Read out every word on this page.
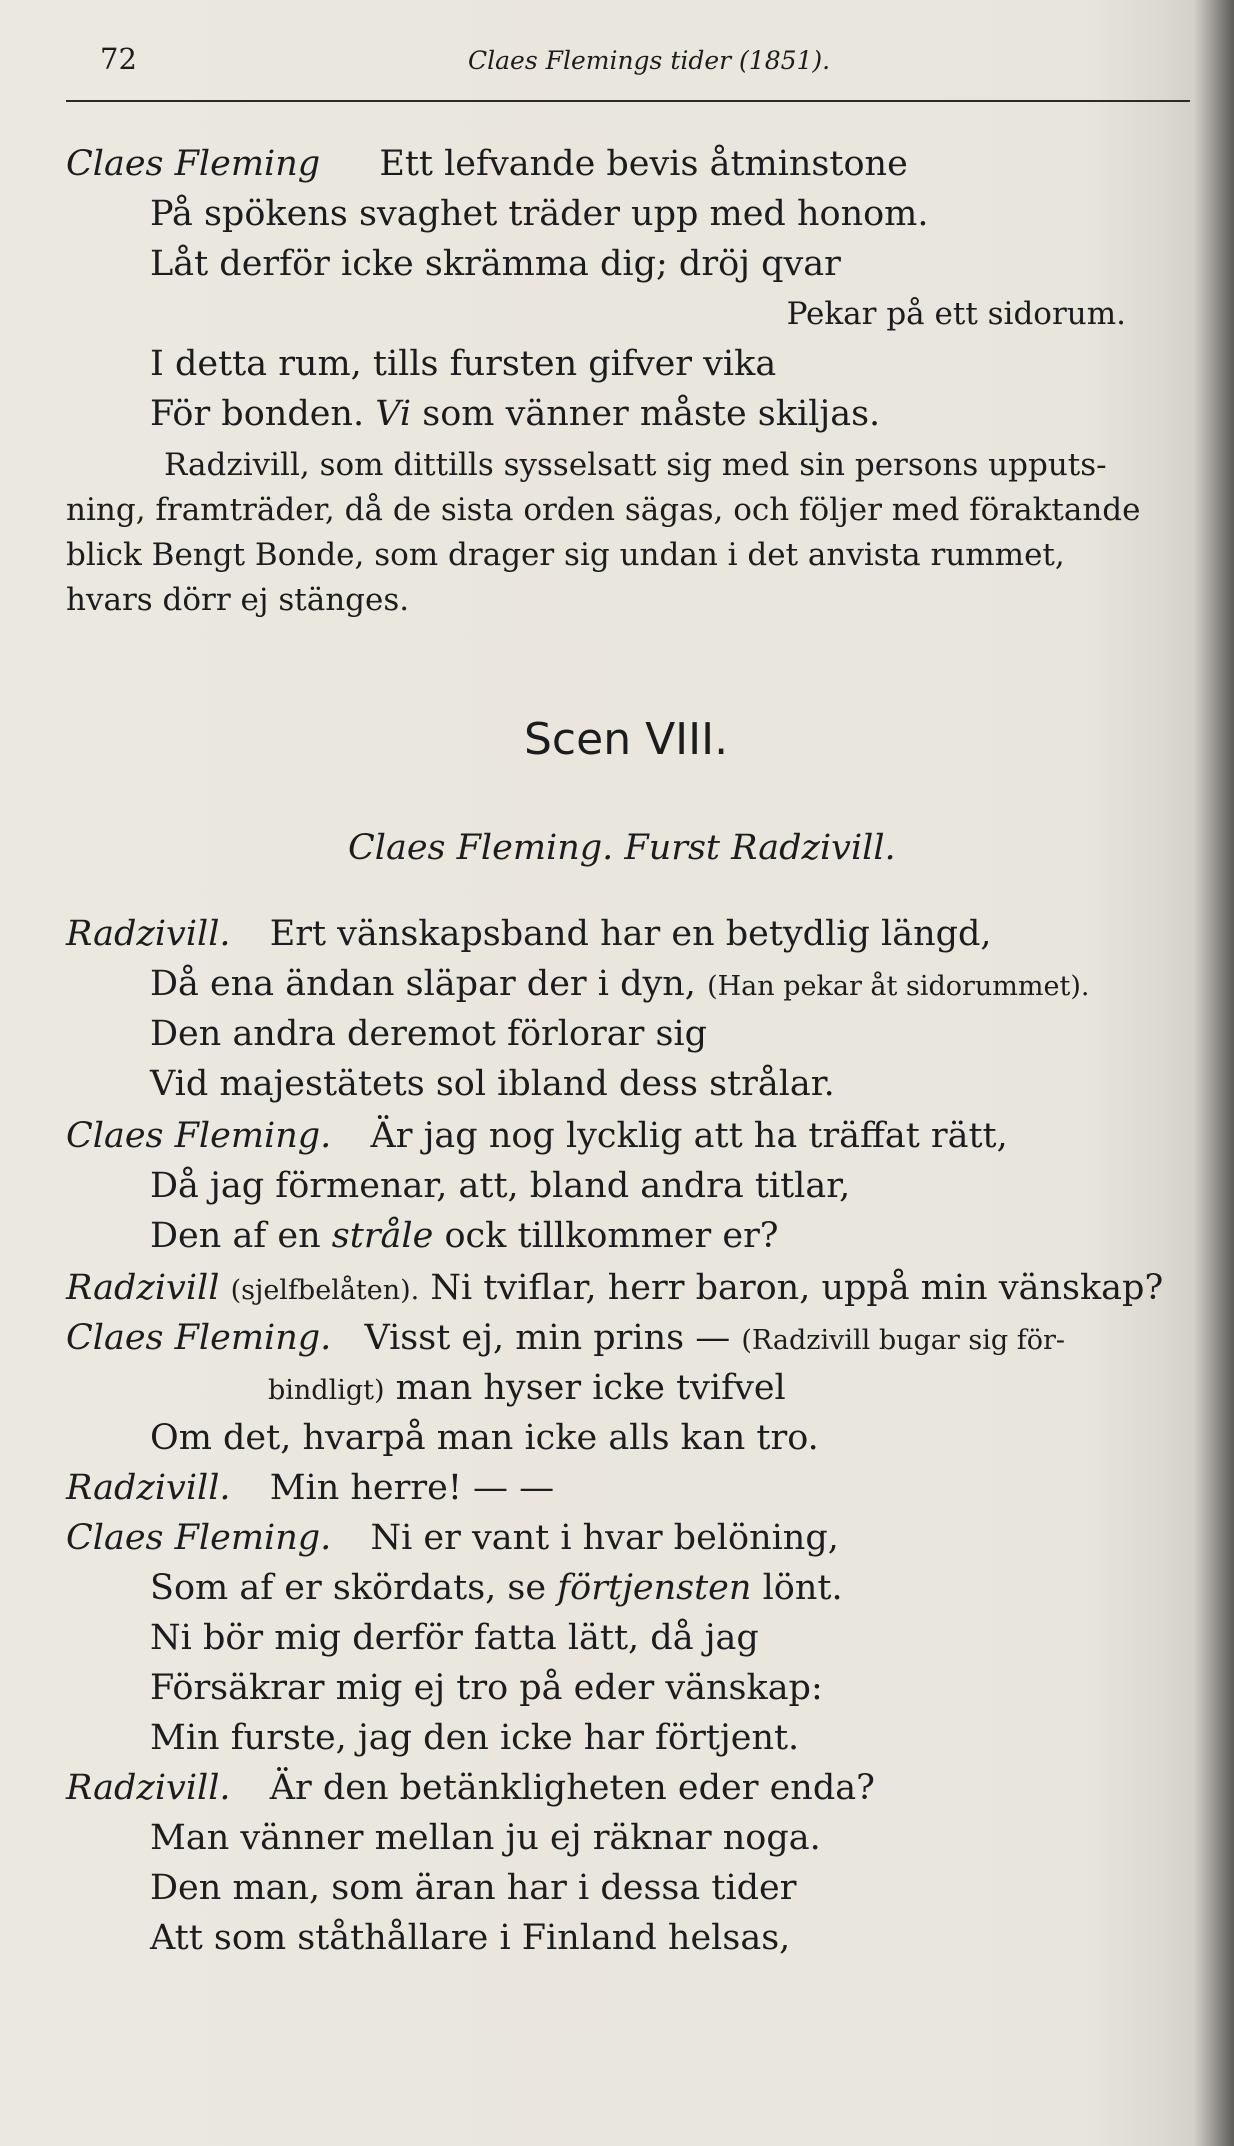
72	Claes Flemings tider (1851).
Claes Fleming Ett lefvande bevis åtminstone
På spökens svaghet träder upp med honom.
Låt derför icke skrämma dig; dröj qvar
Pekar på ett sidorum.
I detta rum, tills fursten gifver vika
För bonden. Vi som vänner måste skiljas.
Radzivill, som dittills sysselsatt sig med sin persons upputs-
ning, framträder, då de sista orden sägas, och följer med föraktande
blick Bengt Bonde, som drager sig undan i det anvista rummet,
hvars dörr ej stänges.
Scen VIII.
Claes Fleming. Furst Radzivill.
Radzivill. Ert vänskapsband har en betydlig längd,
Då ena ändan släpar der i dyn, (Han pekar åt sidorummet).
Den andra deremot förlorar sig
Vid majestätets sol ibland dess strålar.
Claes Fleming. Är jag nog lycklig att ha träffat rätt,
Då jag förmenar, att, bland andra titlar,
Den af en stråle ock tillkommer er?
Radzivill (sjelfbelåten). Ni tviflar, herr baron, uppå min vänskap?
Claes Fleming. Visst ej, min prins — (Radzivill bugar sig för-
bindligt) man hyser icke tvifvel
Om det, hvarpå man icke alls kan tro.
Radzivill. Min herre! — —
Claes Fleming. Ni er vant i hvar belöning,
Som af er skördats, se förtjensten lönt.
Ni bör mig derför fatta lätt, då jag
Försäkrar mig ej tro på eder vänskap:
Min furste, jag den icke har förtjent.
Radzivill. Är den betänkligheten eder enda?
Man vänner mellan ju ej räknar noga.
Den man, som äran har i dessa tider
Att som ståthållare i Finland helsas,
